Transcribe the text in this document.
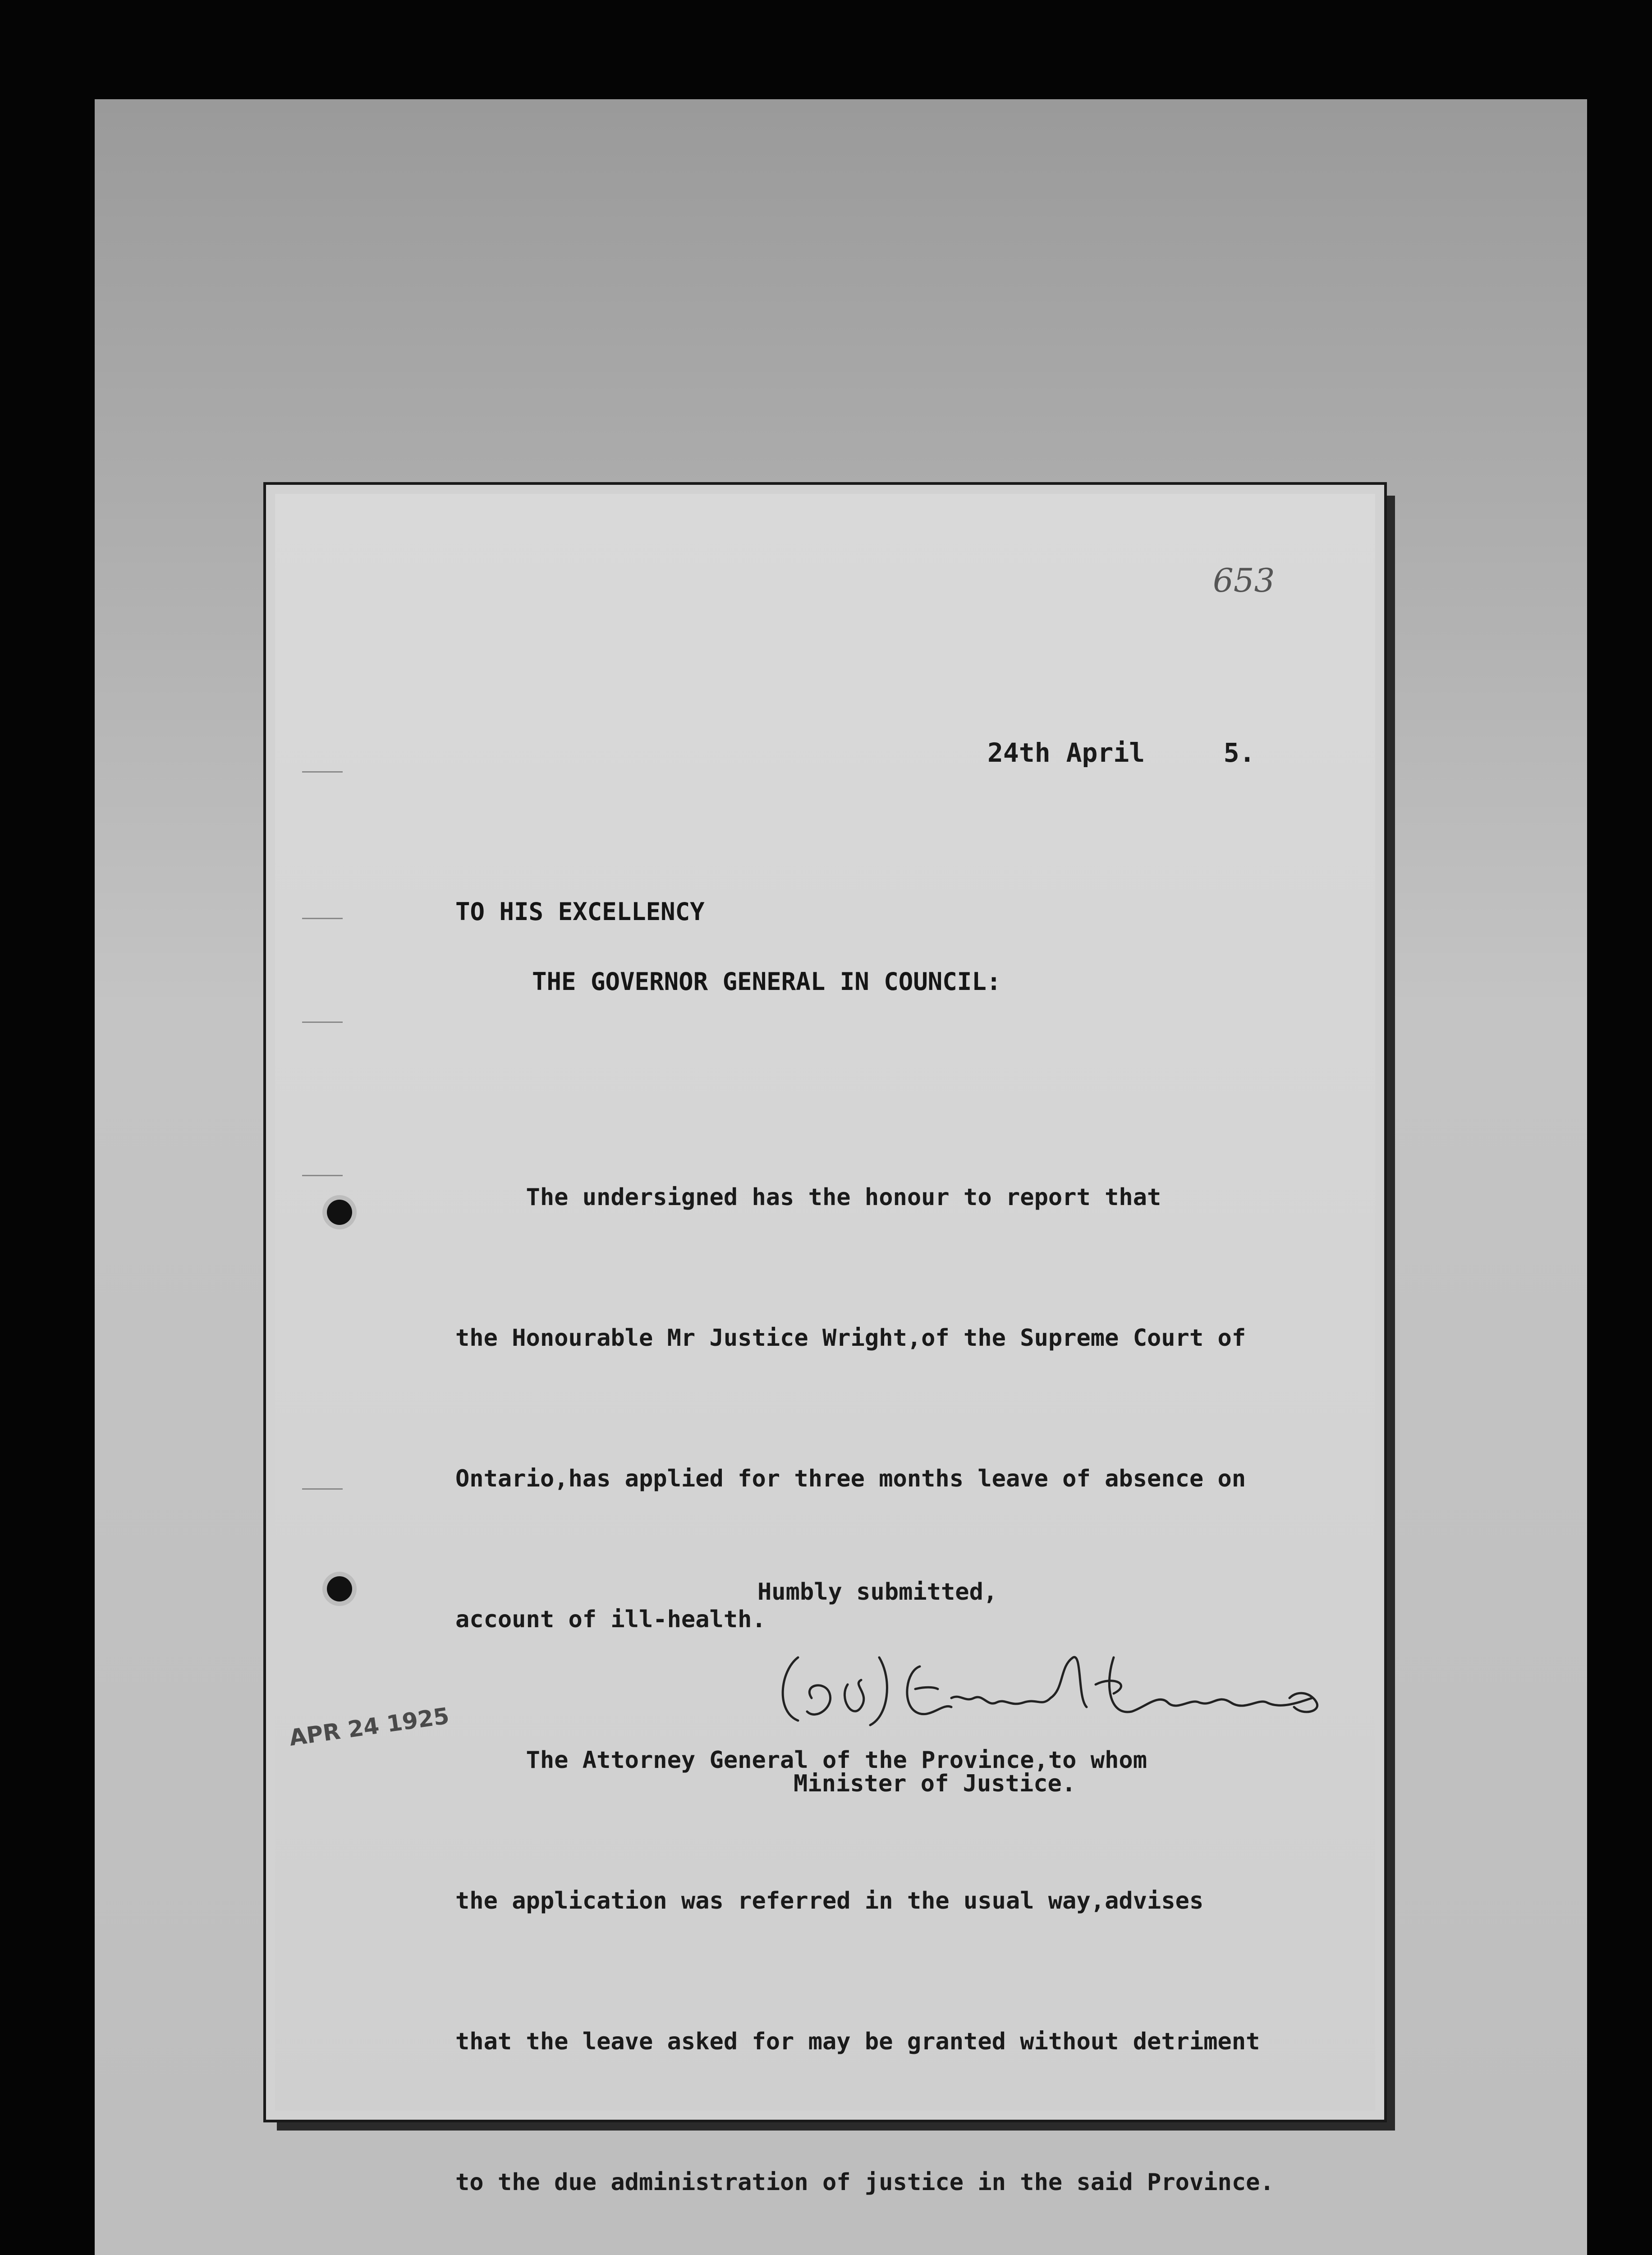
653
24th April     5.
TO HIS EXCELLENCY
THE GOVERNOR GENERAL IN COUNCIL:

The undersigned has the honour to report that

the Honourable Mr Justice Wright,of the Supreme Court of

Ontario,has applied for three months leave of absence on

account of ill-health.

The Attorney General of the Province,to whom

the application was referred in the usual way,advises

that the leave asked for may be granted without detriment

to the due administration of justice in the said Province.

Humbly submitted,
Minister of Justice.
APR 24 1925
